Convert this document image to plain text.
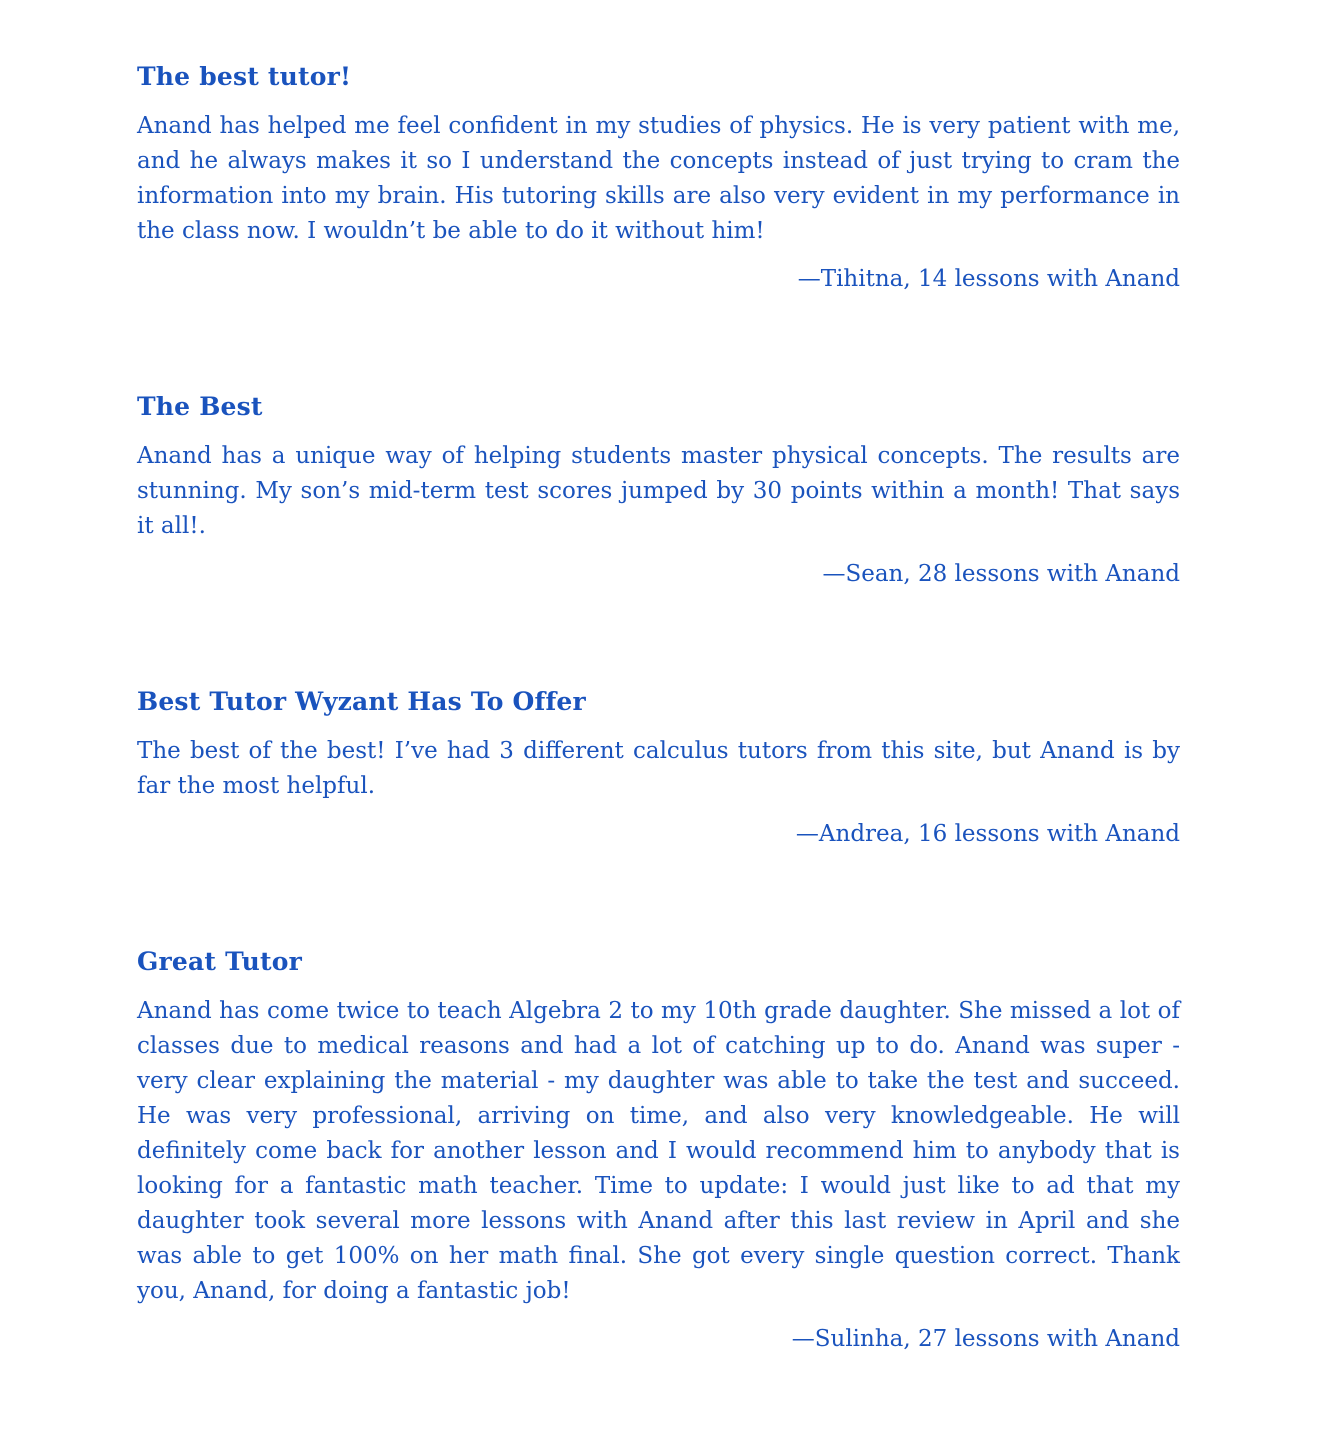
The best tutor!

Anand has helped me feel confident in my studies of physics. He is very patient with me, and he always makes it so I understand the concepts instead of just trying to cram the information into my brain. His tutoring skills are also very evident in my performance in the class now. I wouldn’t be able to do it without him!

—Tihitna, 14 lessons with Anand

The Best

Anand has a unique way of helping students master physical concepts. The results are stunning. My son’s mid-term test scores jumped by 30 points within a month! That says it all!.

—Sean, 28 lessons with Anand

Best Tutor Wyzant Has To Offer

The best of the best! I’ve had 3 different calculus tutors from this site, but Anand is by far the most helpful.

—Andrea, 16 lessons with Anand

Great Tutor

Anand has come twice to teach Algebra 2 to my 10th grade daughter. She missed a lot of classes due to medical reasons and had a lot of catching up to do. Anand was super - very clear explaining the material - my daughter was able to take the test and succeed. He was very professional, arriving on time, and also very knowledgeable. He will definitely come back for another lesson and I would recommend him to anybody that is looking for a fantastic math teacher. Time to update: I would just like to ad that my daughter took several more lessons with Anand after this last review in April and she was able to get 100% on her math final. She got every single question correct. Thank you, Anand, for doing a fantastic job!

—Sulinha, 27 lessons with Anand
